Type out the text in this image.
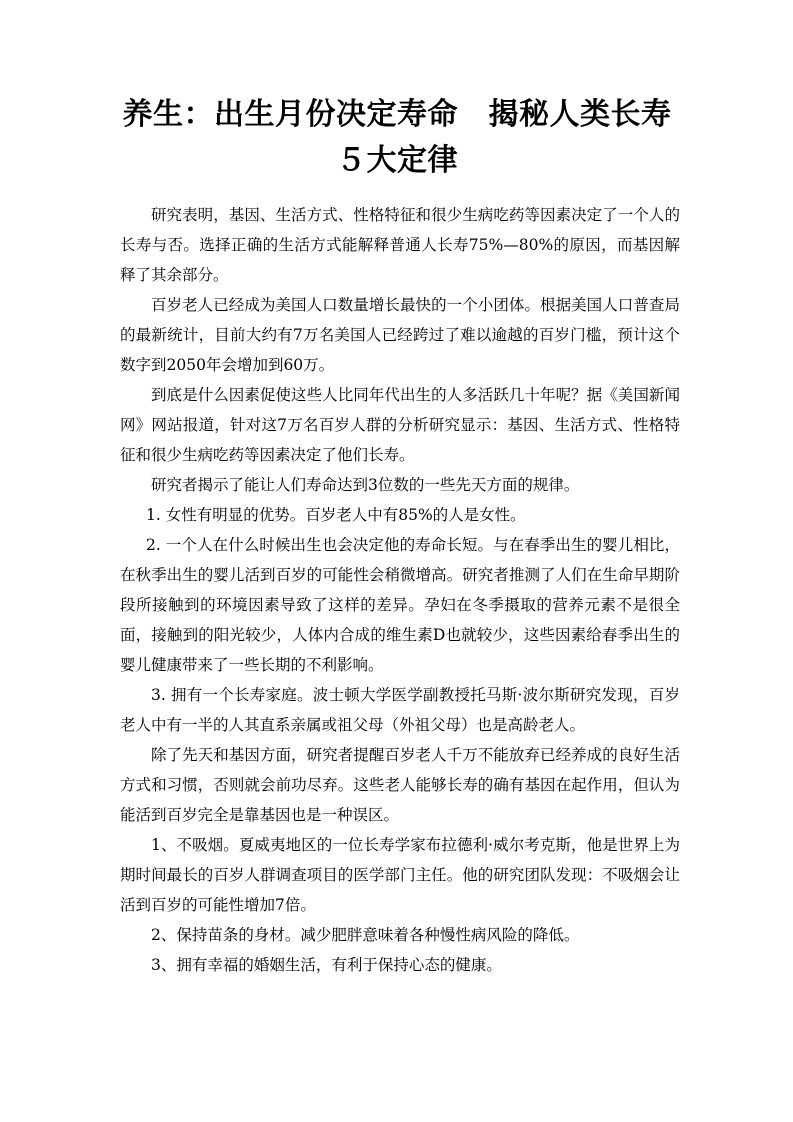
养生：出生月份决定寿命　揭秘人类长寿５大定律

研究表明，基因、生活方式、性格特征和很少生病吃药等因素决定了一个人的长寿与否。选择正确的生活方式能解释普通人长寿75%—80%的原因，而基因解释了其余部分。

百岁老人已经成为美国人口数量增长最快的一个小团体。根据美国人口普查局的最新统计，目前大约有7万名美国人已经跨过了难以逾越的百岁门槛，预计这个数字到2050年会增加到60万。

到底是什么因素促使这些人比同年代出生的人多活跃几十年呢？据《美国新闻网》网站报道，针对这7万名百岁人群的分析研究显示：基因、生活方式、性格特征和很少生病吃药等因素决定了他们长寿。

研究者揭示了能让人们寿命达到3位数的一些先天方面的规律。

1. 女性有明显的优势。百岁老人中有85%的人是女性。

2. 一个人在什么时候出生也会决定他的寿命长短。与在春季出生的婴儿相比，在秋季出生的婴儿活到百岁的可能性会稍微增高。研究者推测了人们在生命早期阶段所接触到的环境因素导致了这样的差异。孕妇在冬季摄取的营养元素不是很全面，接触到的阳光较少，人体内合成的维生素D也就较少，这些因素给春季出生的婴儿健康带来了一些长期的不利影响。

3. 拥有一个长寿家庭。波士顿大学医学副教授托马斯·波尔斯研究发现，百岁老人中有一半的人其直系亲属或祖父母（外祖父母）也是高龄老人。

除了先天和基因方面，研究者提醒百岁老人千万不能放弃已经养成的良好生活方式和习惯，否则就会前功尽弃。这些老人能够长寿的确有基因在起作用，但认为能活到百岁完全是靠基因也是一种误区。

1、不吸烟。夏威夷地区的一位长寿学家布拉德利·威尔考克斯，他是世界上为期时间最长的百岁人群调查项目的医学部门主任。他的研究团队发现：不吸烟会让活到百岁的可能性增加7倍。

2、保持苗条的身材。减少肥胖意味着各种慢性病风险的降低。

3、拥有幸福的婚姻生活，有利于保持心态的健康。
